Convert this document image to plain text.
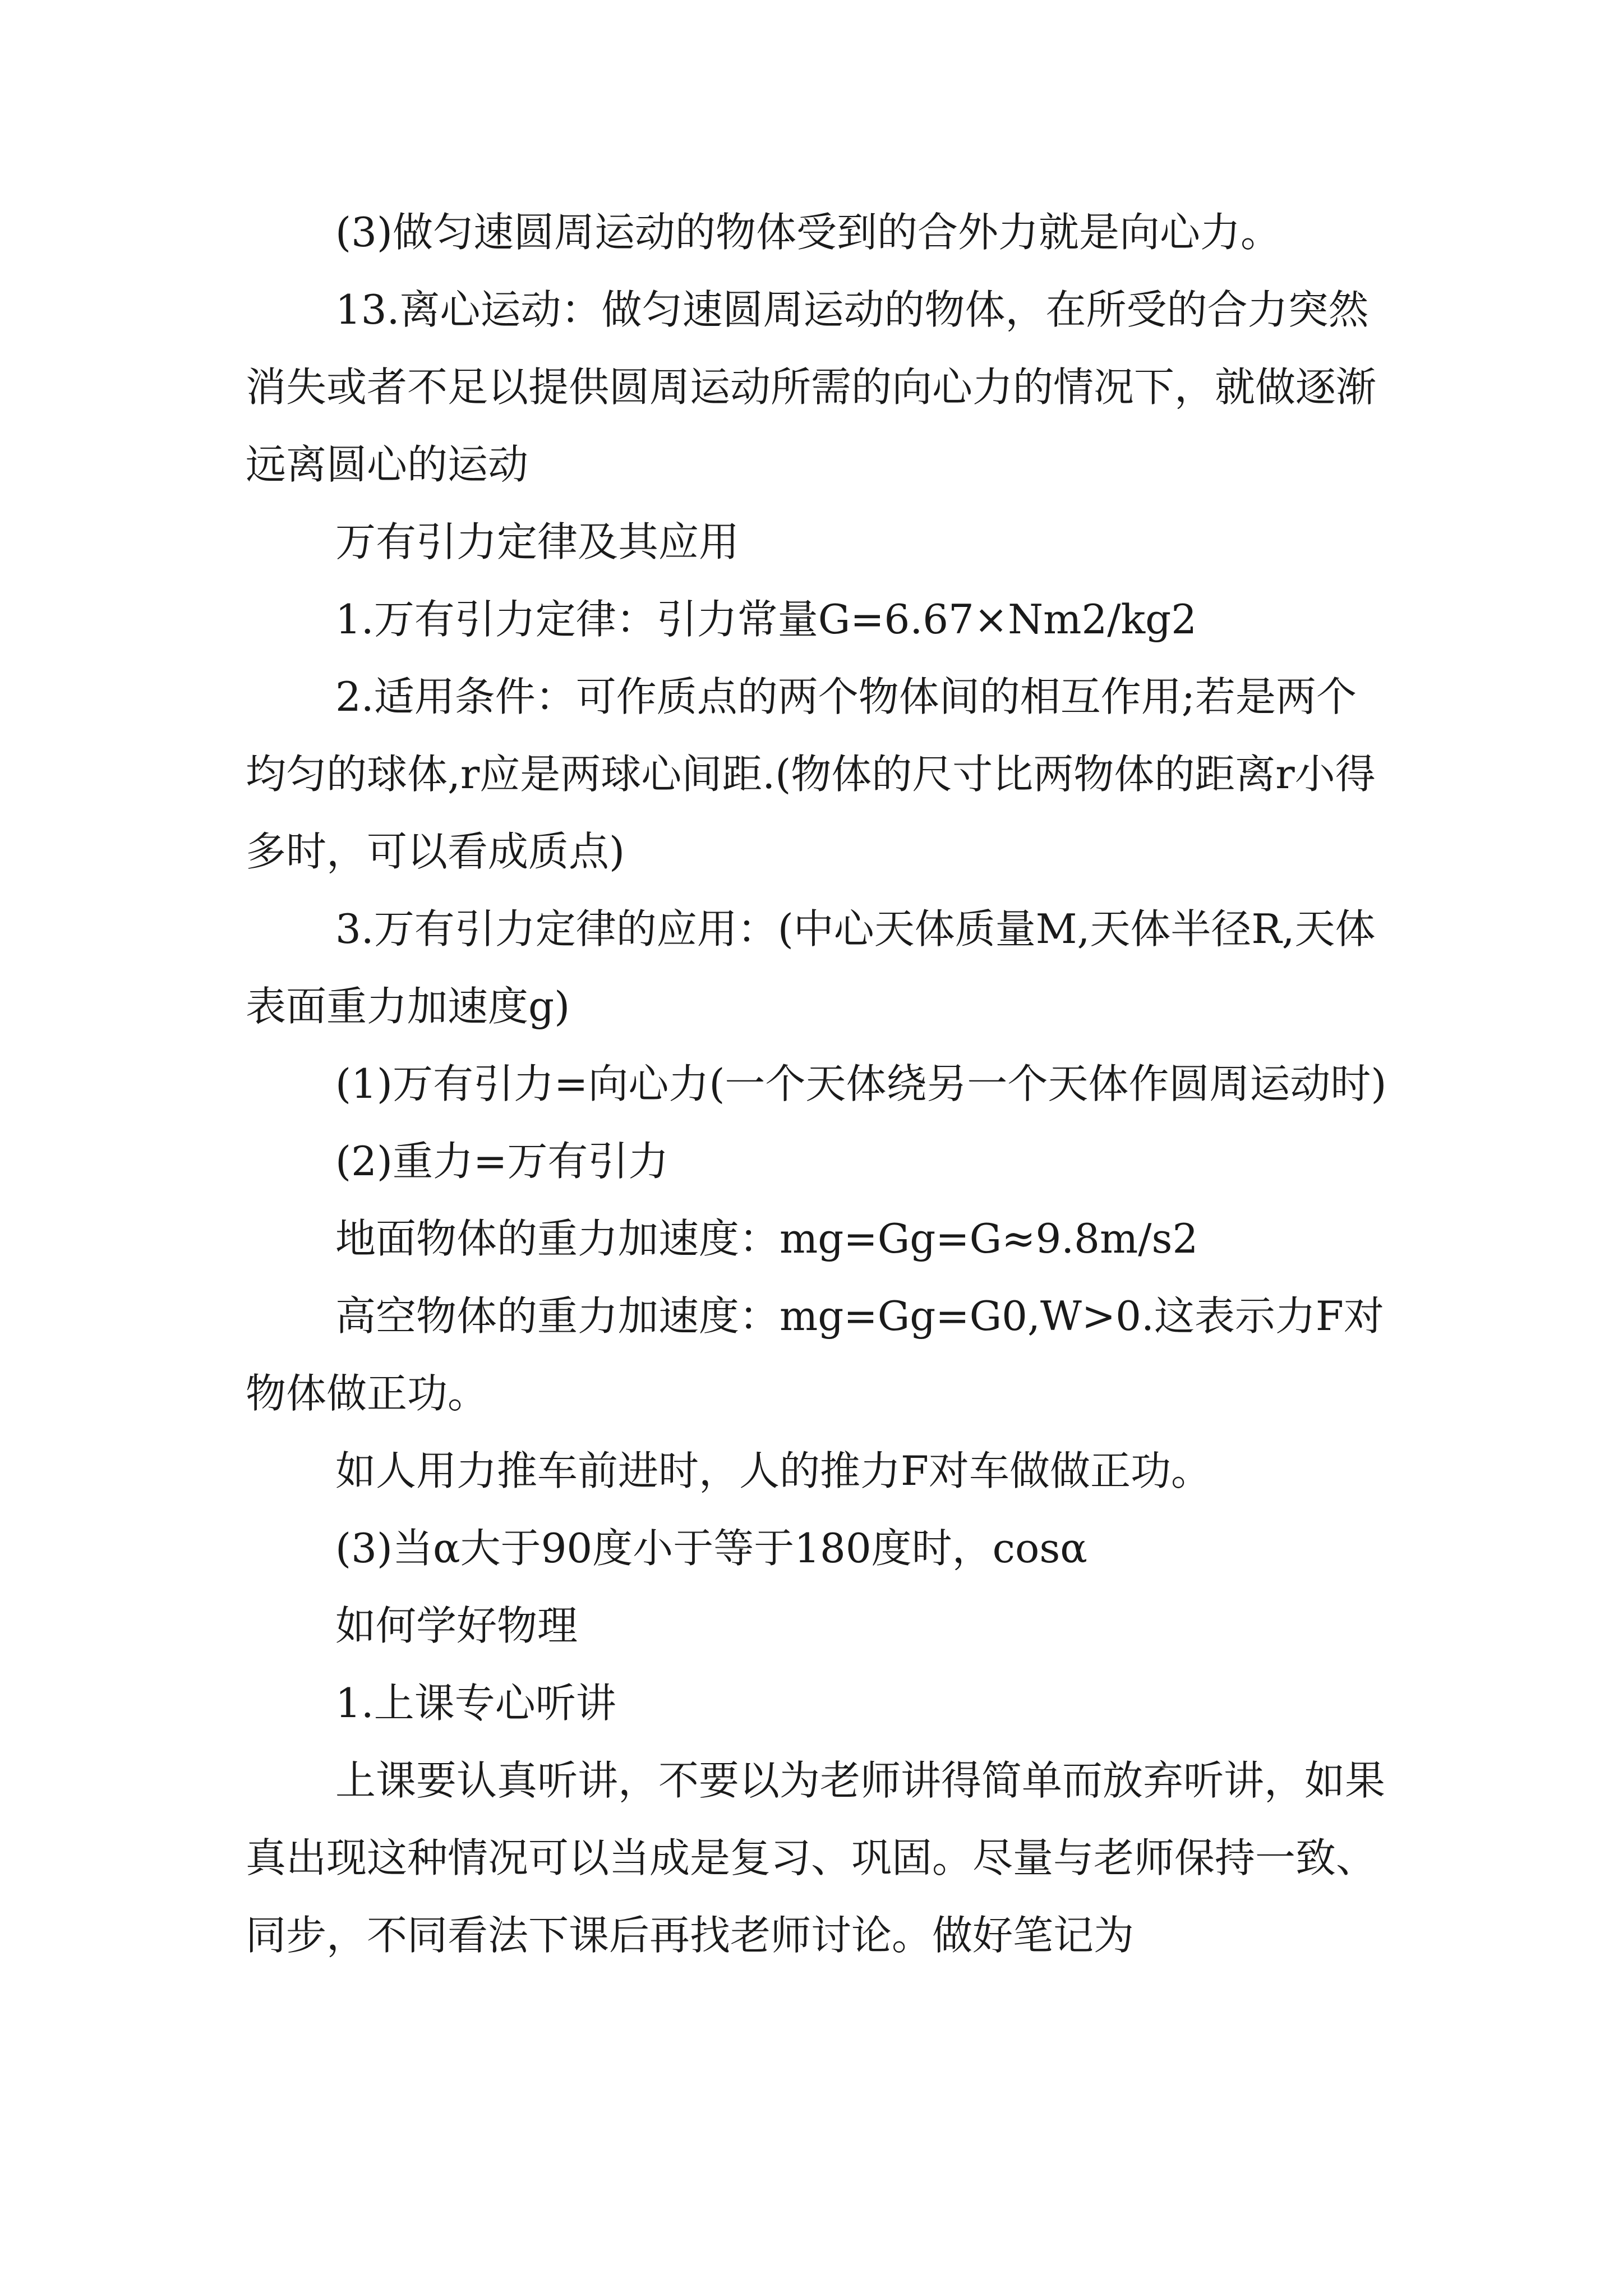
(3)做匀速圆周运动的物体受到的合外力就是向心力。

13.离心运动：做匀速圆周运动的物体，在所受的合力突然消失或者不足以提供圆周运动所需的向心力的情况下，就做逐渐远离圆心的运动

万有引力定律及其应用

1.万有引力定律：引力常量G=6.67×Nm2/kg2

2.适用条件：可作质点的两个物体间的相互作用;若是两个均匀的球体,r应是两球心间距.(物体的尺寸比两物体的距离r小得多时，可以看成质点)

3.万有引力定律的应用：(中心天体质量M,天体半径R,天体表面重力加速度g)

(1)万有引力=向心力(一个天体绕另一个天体作圆周运动时)

(2)重力=万有引力

地面物体的重力加速度：mg=Gg=G≈9.8m/s2

高空物体的重力加速度：mg=Gg=G0,W>0.这表示力F对物体做正功。

如人用力推车前进时，人的推力F对车做做正功。

(3)当α大于90度小于等于180度时，cosα

如何学好物理

1.上课专心听讲

上课要认真听讲，不要以为老师讲得简单而放弃听讲，如果真出现这种情况可以当成是复习、巩固。尽量与老师保持一致、同步，不同看法下课后再找老师讨论。做好笔记为
